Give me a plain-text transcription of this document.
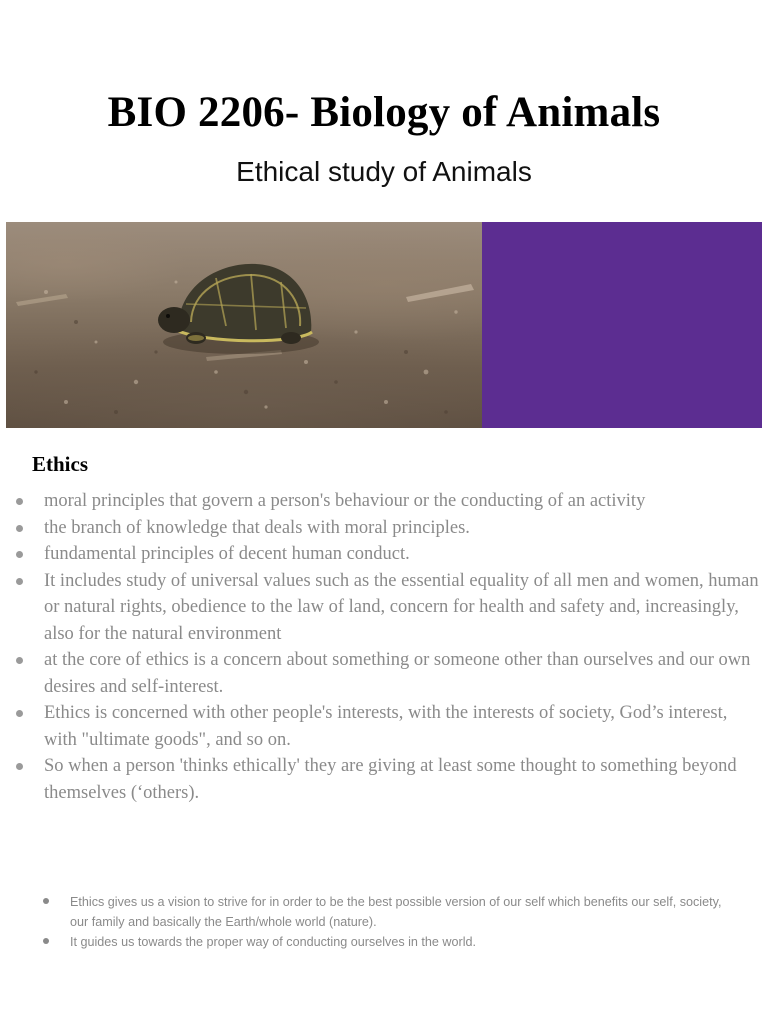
BIO 2206- Biology of Animals
Ethical study of Animals
Ethics
moral principles that govern a person's behaviour or the conducting of an activity
the branch of knowledge that deals with moral principles.
fundamental principles of decent human conduct.
It includes study of universal values such as the essential equality of all men and women, human or natural rights, obedience to the law of land, concern for health and safety and, increasingly, also for the natural environment
at the core of ethics is a concern about something or someone other than ourselves and our own desires and self-interest.
Ethics is concerned with other people's interests, with the interests of society, God’s interest, with "ultimate goods", and so on.
So when a person 'thinks ethically' they are giving at least some thought to something beyond themselves (‘others).
Ethics gives us a vision to strive for in order to be the best possible version of our self which benefits our self, society, our family and basically the Earth/whole world (nature).
It guides us towards the proper way of conducting ourselves in the world.
